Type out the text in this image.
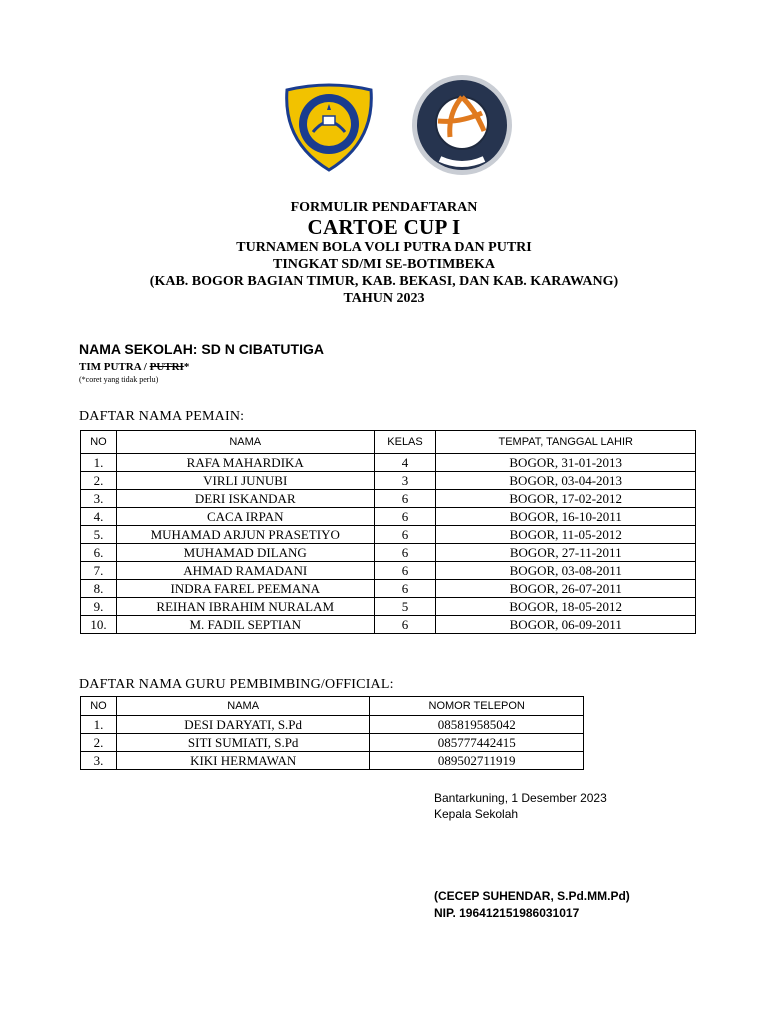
FORMULIR PENDAFTARAN
CARTOE CUP I
TURNAMEN BOLA VOLI PUTRA DAN PUTRI
TINGKAT SD/MI SE-BOTIMBEKA
(KAB. BOGOR BAGIAN TIMUR, KAB. BEKASI, DAN KAB. KARAWANG)
TAHUN 2023
NAMA SEKOLAH: SD N CIBATUTIGA
TIM PUTRA / PUTRI*
(*coret yang tidak perlu)
DAFTAR NAMA PEMAIN:
NO	NAMA	KELAS	TEMPAT, TANGGAL LAHIR
1.	RAFA MAHARDIKA	4	BOGOR, 31-01-2013
2.	VIRLI JUNUBI	3	BOGOR, 03-04-2013
3.	DERI ISKANDAR	6	BOGOR, 17-02-2012
4.	CACA IRPAN	6	BOGOR, 16-10-2011
5.	MUHAMAD ARJUN PRASETIYO	6	BOGOR, 11-05-2012
6.	MUHAMAD DILANG	6	BOGOR, 27-11-2011
7.	AHMAD RAMADANI	6	BOGOR, 03-08-2011
8.	INDRA FAREL PEEMANA	6	BOGOR, 26-07-2011
9.	REIHAN IBRAHIM NURALAM	5	BOGOR, 18-05-2012
10.	M. FADIL SEPTIAN	6	BOGOR, 06-09-2011
DAFTAR NAMA GURU PEMBIMBING/OFFICIAL:
NO	NAMA	NOMOR TELEPON
1.	DESI DARYATI, S.Pd	085819585042
2.	SITI SUMIATI, S.Pd	085777442415
3.	KIKI HERMAWAN	089502711919
Bantarkuning, 1 Desember 2023
Kepala Sekolah
(CECEP SUHENDAR, S.Pd.MM.Pd)
NIP. 196412151986031017
